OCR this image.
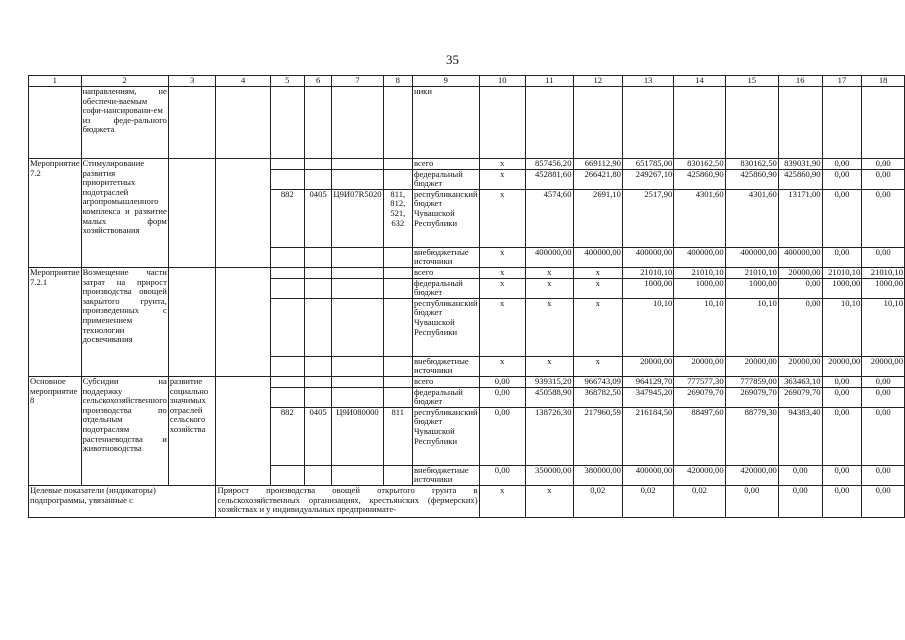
35
1	2	3	4	5	6	7	8	9	10	11	12	13	14	15	16	17	18
	направлениям, не обеспечи-ваемым софи-нансировани-ем из феде-рального бюджета							ники									
Мероприятие 7.2	Стимулирование развития приоритетных подотраслей агропромышленного комплекса и развитие малых форм хозяйствования							всего	x	857456,20	669112,90	651785,00	830162,50	830162,50	839031,90	0,00	0,00
								федеральный бюджет	x	452881,60	266421,80	249267,10	425860,90	425860,90	425860,90	0,00	0,00
				882	0405	Ц9И07R5020	811, 812, 521, 632	республиканский бюджет Чувашской Республики	x	4574,60	2691,10	2517,90	4301,60	4301,60	13171,00	0,00	0,00
								внебюджетные источники	x	400000,00	400000,00	400000,00	400000,00	400000,00	400000,00	0,00	0,00
Мероприятие 7.2.1	Возмещение части затрат на прирост производства овощей закрытого грунта, произведенных с применением технологии досвечивания							всего	x	x	x	21010,10	21010,10	21010,10	20000,00	21010,10	21010,10
								федеральный бюджет	x	x	x	1000,00	1000,00	1000,00	0,00	1000,00	1000,00
								республиканский бюджет Чувашской Республики	x	x	x	10,10	10,10	10,10	0,00	10,10	10,10
								внебюджетные источники	x	x	x	20000,00	20000,00	20000,00	20000,00	20000,00	20000,00
Основное мероприятие 8	Субсидии на поддержку сельскохозяйственного производства по отдельным подотраслям растениеводства и животноводства	развитие социально значимых отраслей сельского хозяйства						всего	0,00	939315,20	966743,09	964129,70	777577,30	777859,00	363463,10	0,00	0,00
								федеральный бюджет	0,00	450588,90	368782,50	347945,20	269079,70	269079,70	269079,70	0,00	0,00
				882	0405	Ц9И080000	811	республиканский бюджет Чувашской Республики	0,00	138726,30	217960,59	216184,50	88497,60	88779,30	94383,40	0,00	0,00
								внебюджетные источники	0,00	350000,00	380000,00	400000,00	420000,00	420000,00	0,00	0,00	0,00
Целевые показатели (индикаторы) подпрограммы, увязанные с			Прирост производства овощей открытого грунта в сельскохозяйственных организациях, крестьянских (фермерских) хозяйствах и у индивидуальных предпринимате-						x	x	0,02	0,02	0,02	0,00	0,00	0,00	0,00
